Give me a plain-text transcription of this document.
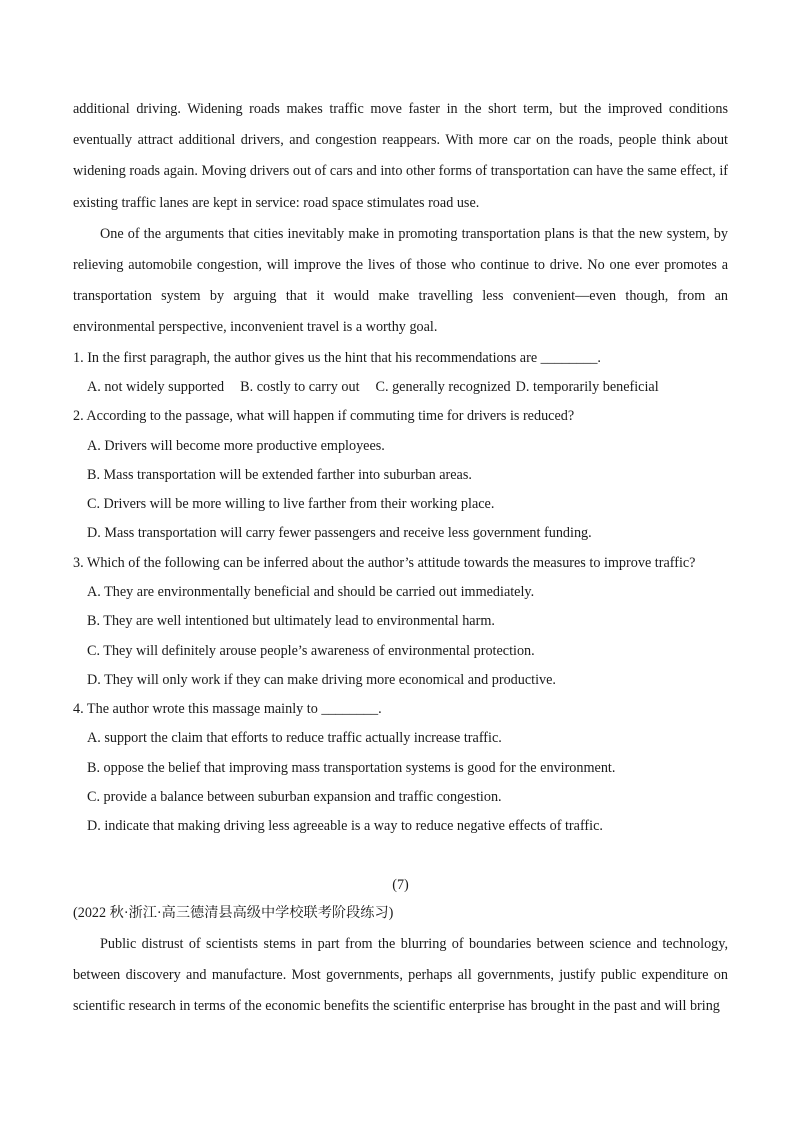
additional driving. Widening roads makes traffic move faster in the short term, but the improved conditions eventually attract additional drivers, and congestion reappears. With more car on the roads, people think about widening roads again. Moving drivers out of cars and into other forms of transportation can have the same effect, if existing traffic lanes are kept in service: road space stimulates road use.

One of the arguments that cities inevitably make in promoting transportation plans is that the new system, by relieving automobile congestion, will improve the lives of those who continue to drive. No one ever promotes a transportation system by arguing that it would make travelling less convenient—even though, from an environmental perspective, inconvenient travel is a worthy goal.

1. In the first paragraph, the author gives us the hint that his recommendations are ________.
A. not widely supported B. costly to carry out C. generally recognized D. temporarily beneficial
2. According to the passage, what will happen if commuting time for drivers is reduced?
A. Drivers will become more productive employees.
B. Mass transportation will be extended farther into suburban areas.
C. Drivers will be more willing to live farther from their working place.
D. Mass transportation will carry fewer passengers and receive less government funding.
3. Which of the following can be inferred about the author’s attitude towards the measures to improve traffic?
A. They are environmentally beneficial and should be carried out immediately.
B. They are well intentioned but ultimately lead to environmental harm.
C. They will definitely arouse people’s awareness of environmental protection.
D. They will only work if they can make driving more economical and productive.
4. The author wrote this massage mainly to ________.
A. support the claim that efforts to reduce traffic actually increase traffic.
B. oppose the belief that improving mass transportation systems is good for the environment.
C. provide a balance between suburban expansion and traffic congestion.
D. indicate that making driving less agreeable is a way to reduce negative effects of traffic.
(7)
(2022 秋·浙江·高三德清县高级中学校联考阶段练习)

Public distrust of scientists stems in part from the blurring of boundaries between science and technology, between discovery and manufacture. Most governments, perhaps all governments, justify public expenditure on scientific research in terms of the economic benefits the scientific enterprise has brought in the past and will bring
